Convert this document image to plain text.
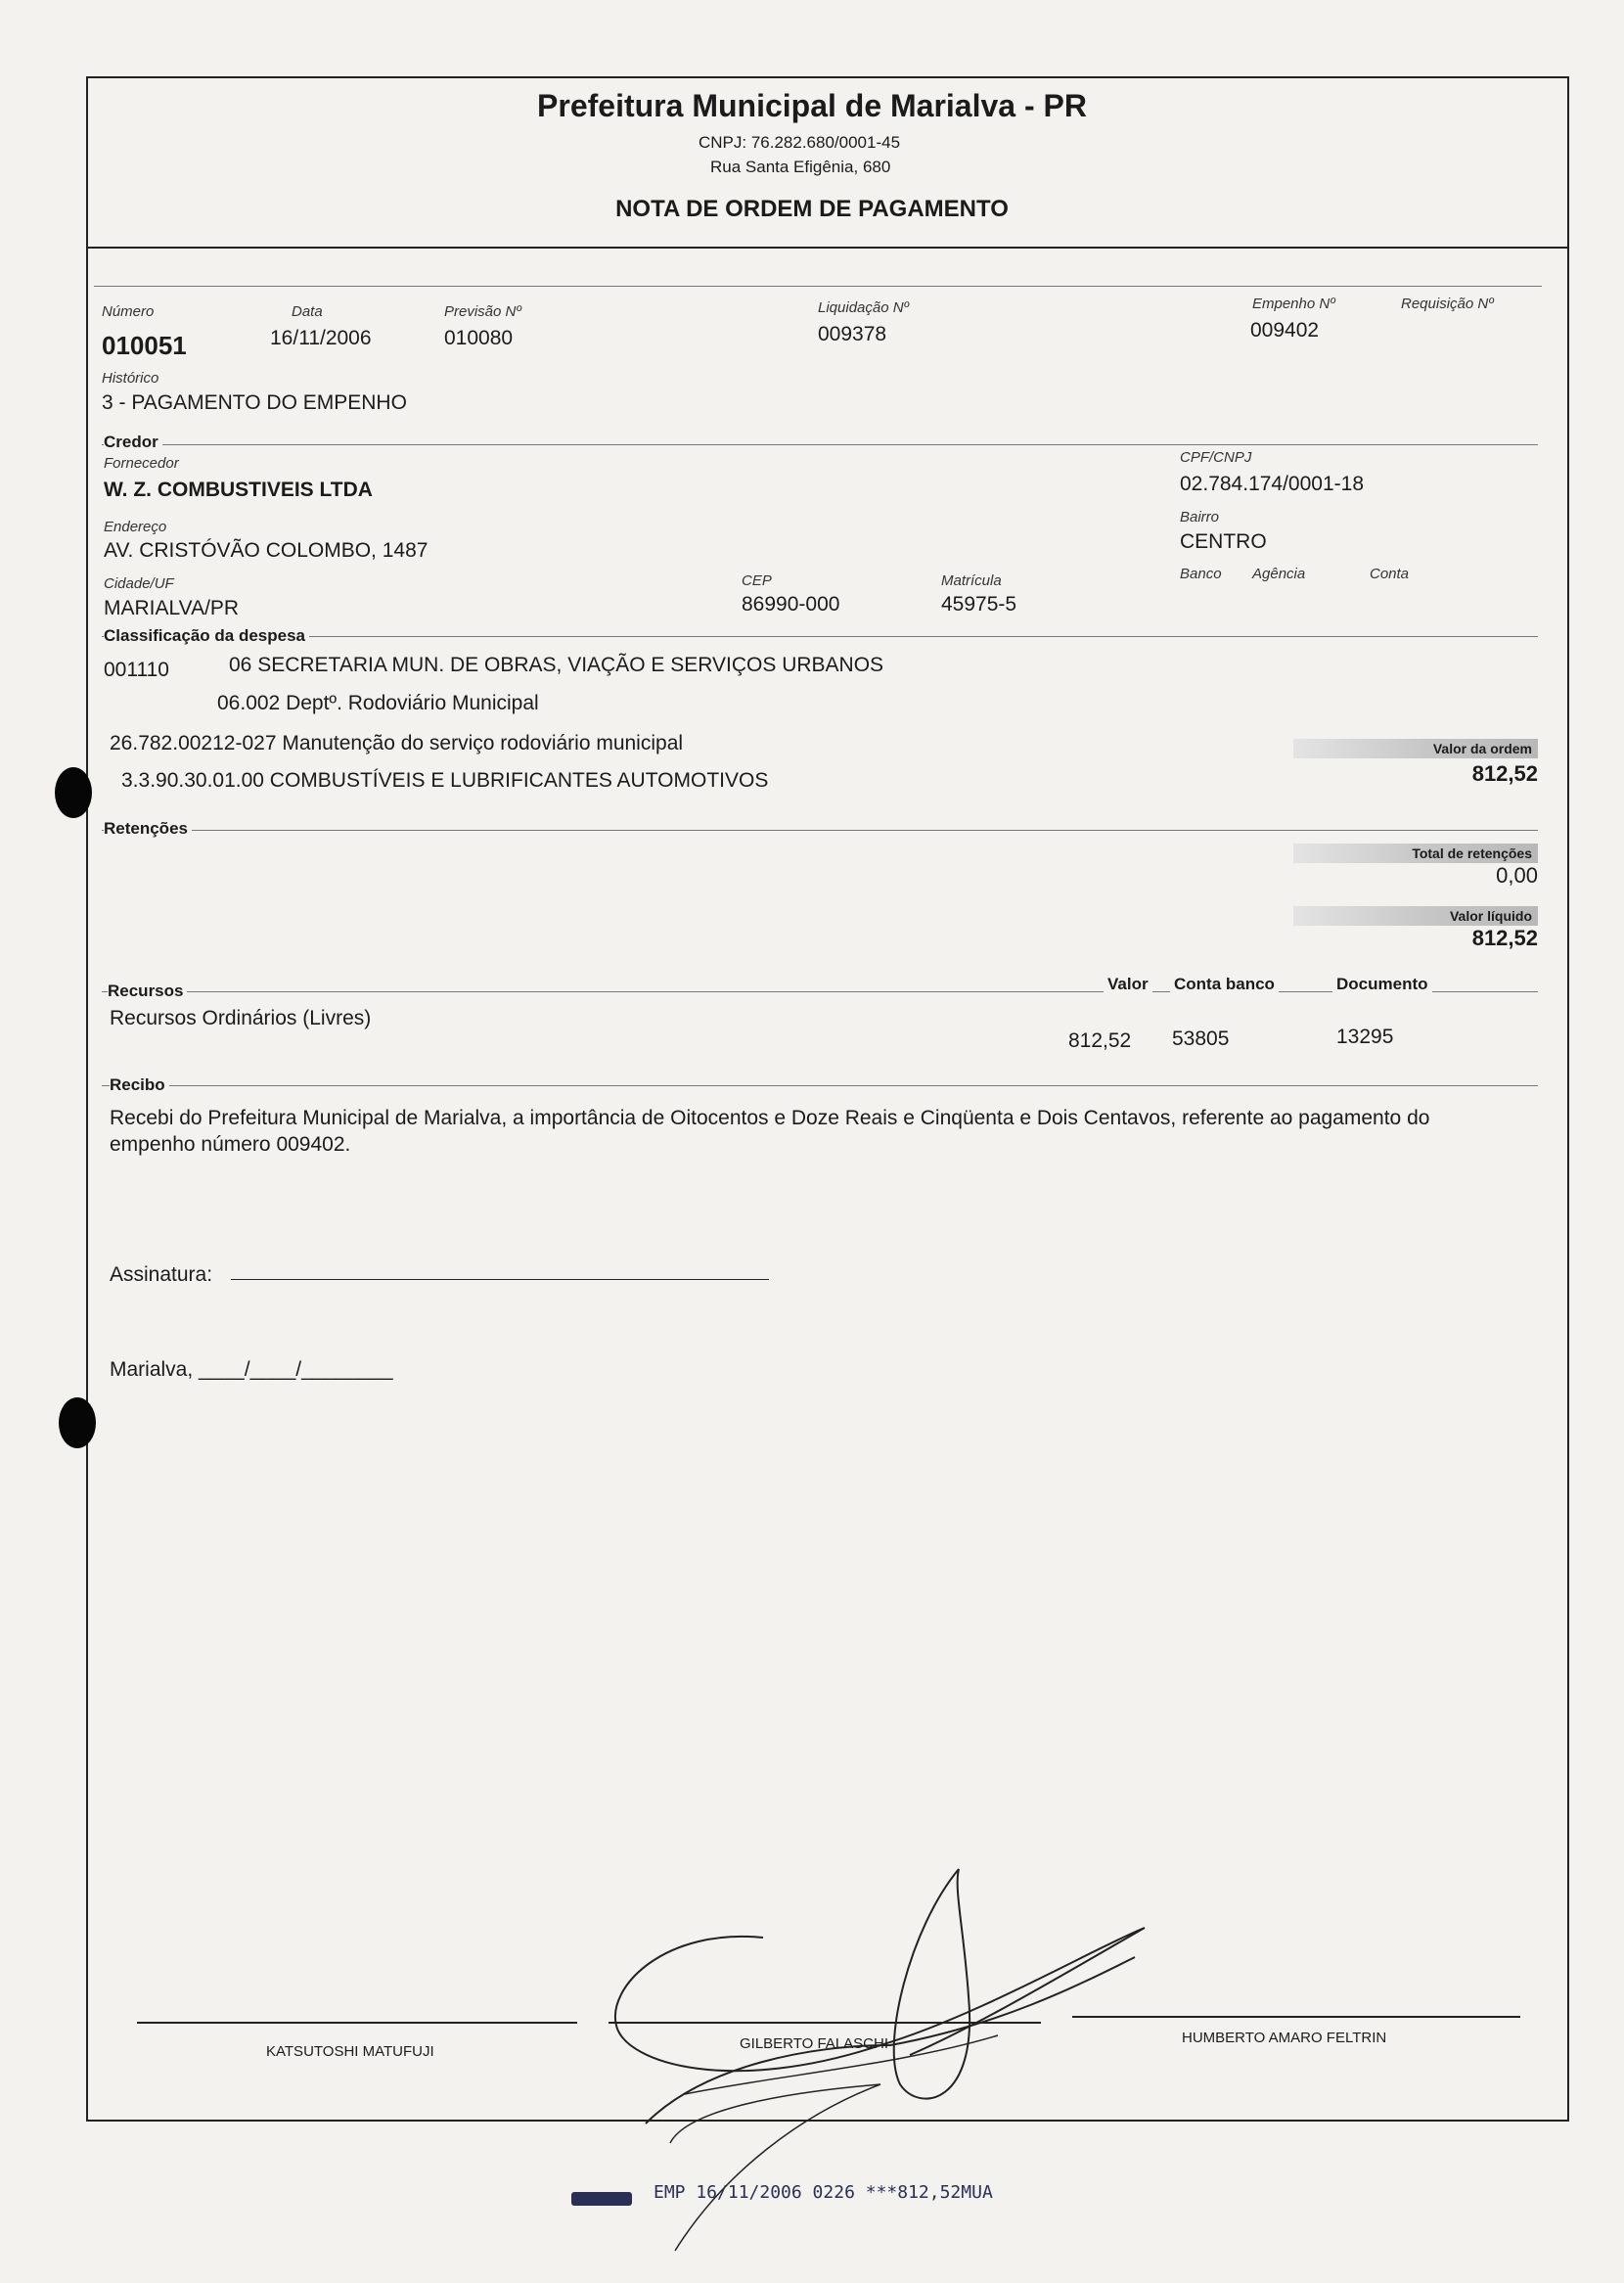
Prefeitura Municipal de Marialva - PR
CNPJ: 76.282.680/0001-45
Rua Santa Efigênia, 680
NOTA DE ORDEM DE PAGAMENTO
Número
010051
Data
16/11/2006
Previsão Nº
010080
Liquidação Nº
009378
Empenho Nº
009402
Requisição Nº
Histórico
3 - PAGAMENTO DO EMPENHO
Credor
Fornecedor
W. Z. COMBUSTIVEIS LTDA
CPF/CNPJ
02.784.174/0001-18
Endereço
AV. CRISTÓVÃO COLOMBO, 1487
Bairro
CENTRO
Cidade/UF
MARIALVA/PR
CEP
86990-000
Matrícula
45975-5
Banco Agência	Conta
Classificação da despesa
001110	06 SECRETARIA MUN. DE OBRAS, VIAÇÃO E SERVIÇOS URBANOS
06.002 Deptº. Rodoviário Municipal
26.782.00212-027 Manutenção do serviço rodoviário municipal
3.3.90.30.01.00 COMBUSTÍVEIS E LUBRIFICANTES AUTOMOTIVOS
Valor da ordem
812,52
Retenções
Total de retenções
0,00
Valor líquido
812,52
Recursos	Valor Conta banco	Documento
Recursos Ordinários (Livres)
812,52 53805	13295
Recibo
Recebi do Prefeitura Municipal de Marialva, a importância de Oitocentos e Doze Reais e Cinqüenta e Dois Centavos, referente ao pagamento do
empenho número 009402.
Assinatura:
Marialva, ____/____/________
KATSUTOSHI MATUFUJI	GILBERTO FALASCHI	HUMBERTO AMARO FELTRIN
EMP 16/11/2006 0226 ***812,52MUA
